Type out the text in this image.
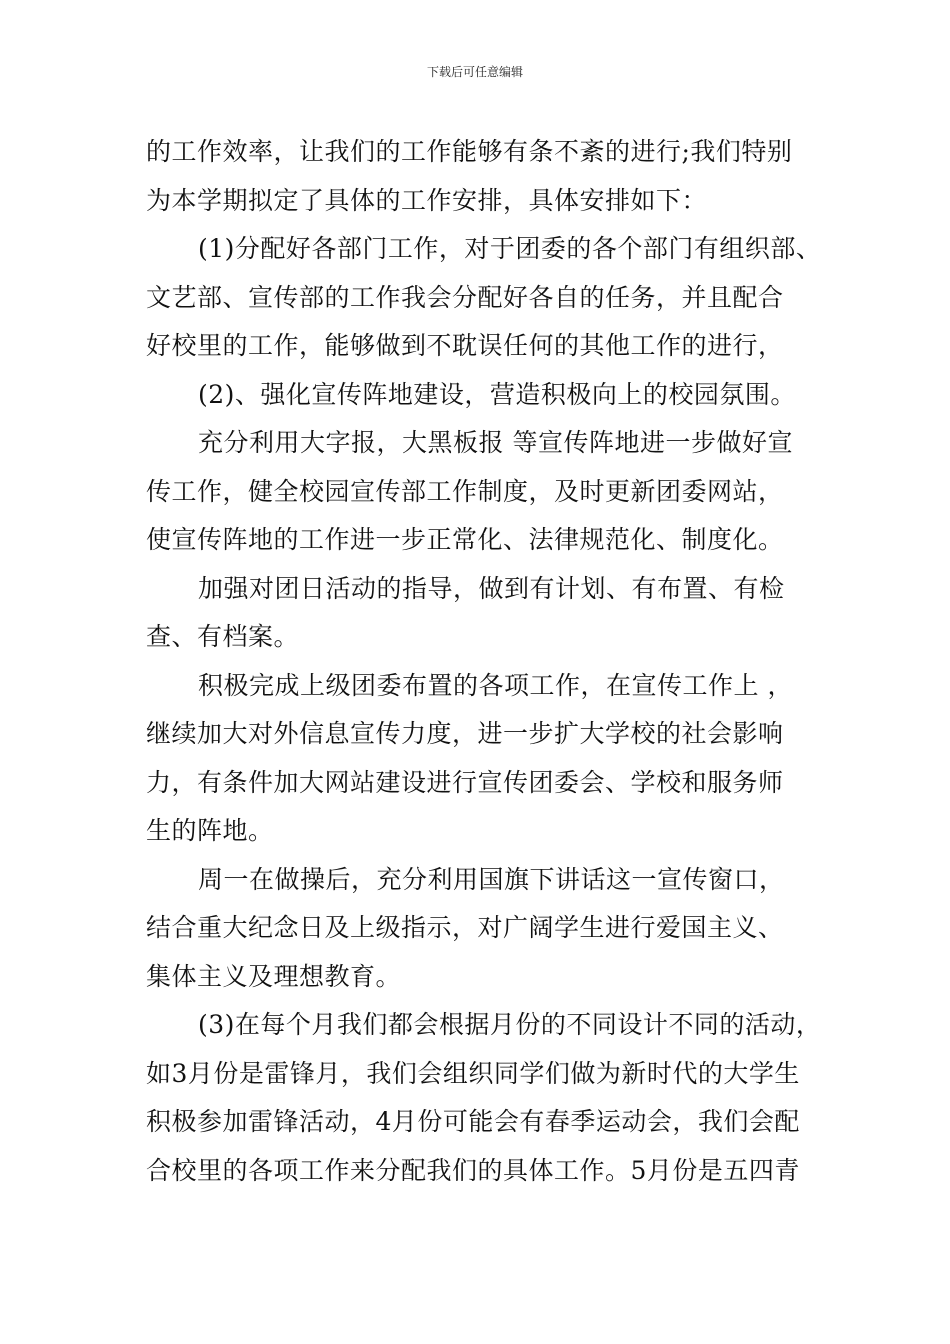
下载后可任意编辑
的工作效率，让我们的工作能够有条不紊的进行;我们特别
为本学期拟定了具体的工作安排，具体安排如下：
(1)分配好各部门工作，对于团委的各个部门有组织部、
文艺部、宣传部的工作我会分配好各自的任务，并且配合
好校里的工作，能够做到不耽误任何的其他工作的进行，
(2)、强化宣传阵地建设，营造积极向上的校园氛围。
充分利用大字报，大黑板报 等宣传阵地进一步做好宣
传工作，健全校园宣传部工作制度，及时更新团委网站，
使宣传阵地的工作进一步正常化、法律规范化、制度化。
加强对团日活动的指导，做到有计划、有布置、有检
查、有档案。
积极完成上级团委布置的各项工作，在宣传工作上 ，
继续加大对外信息宣传力度，进一步扩大学校的社会影响
力，有条件加大网站建设进行宣传团委会、学校和服务师
生的阵地。
周一在做操后，充分利用国旗下讲话这一宣传窗口，
结合重大纪念日及上级指示，对广阔学生进行爱国主义、
集体主义及理想教育。
(3)在每个月我们都会根据月份的不同设计不同的活动，
如3月份是雷锋月，我们会组织同学们做为新时代的大学生
积极参加雷锋活动，4月份可能会有春季运动会，我们会配
合校里的各项工作来分配我们的具体工作。5月份是五四青
